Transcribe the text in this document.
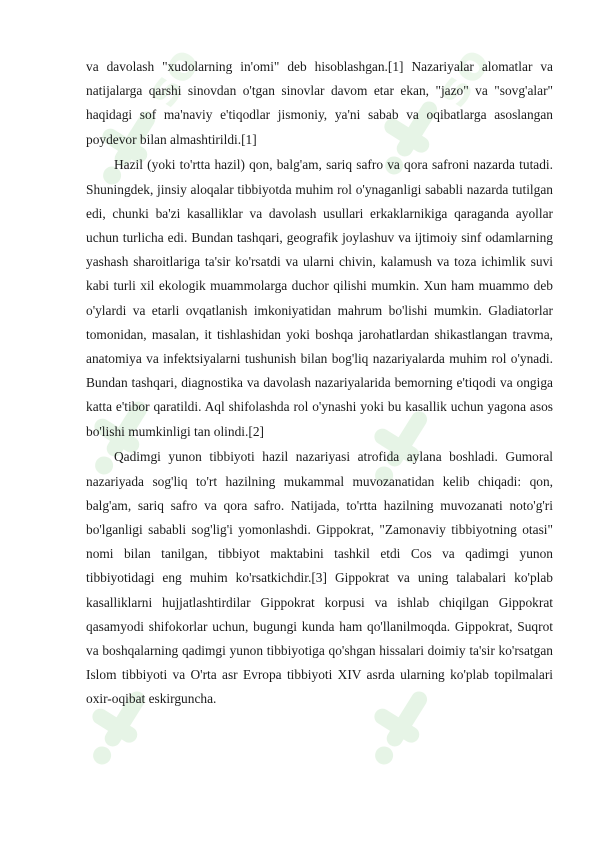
so	so

va davolash "xudolarning in'omi" deb hisoblashgan.[1] Nazariyalar alomatlar va natijalarga qarshi sinovdan o'tgan sinovlar davom etar ekan, "jazo" va "sovg'alar" haqidagi sof ma'naviy e'tiqodlar jismoniy, ya'ni sabab va oqibatlarga asoslangan poydevor bilan almashtirildi.[1]

Hazil (yoki to'rtta hazil) qon, balg'am, sariq safro va qora safroni nazarda tutadi. Shuningdek, jinsiy aloqalar tibbiyotda muhim rol o'ynaganligi sababli nazarda tutilgan edi, chunki ba'zi kasalliklar va davolash usullari erkaklarnikiga qaraganda ayollar uchun turlicha edi. Bundan tashqari, geografik joylashuv va ijtimoiy sinf odamlarning yashash sharoitlariga ta'sir ko'rsatdi va ularni chivin, kalamush va toza ichimlik suvi kabi turli xil ekologik muammolarga duchor qilishi mumkin. Xun ham muammo deb o'ylardi va etarli ovqatlanish imkoniyatidan mahrum bo'lishi mumkin. Gladiatorlar tomonidan, masalan, it tishlashidan yoki boshqa jarohatlardan shikastlangan travma, anatomiya va infektsiyalarni tushunish bilan bog'liq nazariyalarda muhim rol o'ynadi. Bundan tashqari, diagnostika va davolash nazariyalarida bemorning e'tiqodi va ongiga katta e'tibor qaratildi. Aql shifolashda rol o'ynashi yoki bu kasallik uchun yagona asos bo'lishi mumkinligi tan olindi.[2]

Qadimgi yunon tibbiyoti hazil nazariyasi atrofida aylana boshladi. Gumoral nazariyada sog'liq to'rt hazilning mukammal muvozanatidan kelib chiqadi: qon, balg'am, sariq safro va qora safro. Natijada, to'rtta hazilning muvozanati noto'g'ri bo'lganligi sababli sog'lig'i yomonlashdi. Gippokrat, "Zamonaviy tibbiyotning otasi" nomi bilan tanilgan, tibbiyot maktabini tashkil etdi Cos va qadimgi yunon tibbiyotidagi eng muhim ko'rsatkichdir.[3] Gippokrat va uning talabalari ko'plab kasalliklarni hujjatlashtirdilar Gippokrat korpusi va ishlab chiqilgan Gippokrat qasamyodi shifokorlar uchun, bugungi kunda ham qo'llanilmoqda. Gippokrat, Suqrot va boshqalarning qadimgi yunon tibbiyotiga qo'shgan hissalari doimiy ta'sir ko'rsatgan Islom tibbiyoti va O'rta asr Evropa tibbiyoti XIV asrda ularning ko'plab topilmalari oxir-oqibat eskirguncha.
